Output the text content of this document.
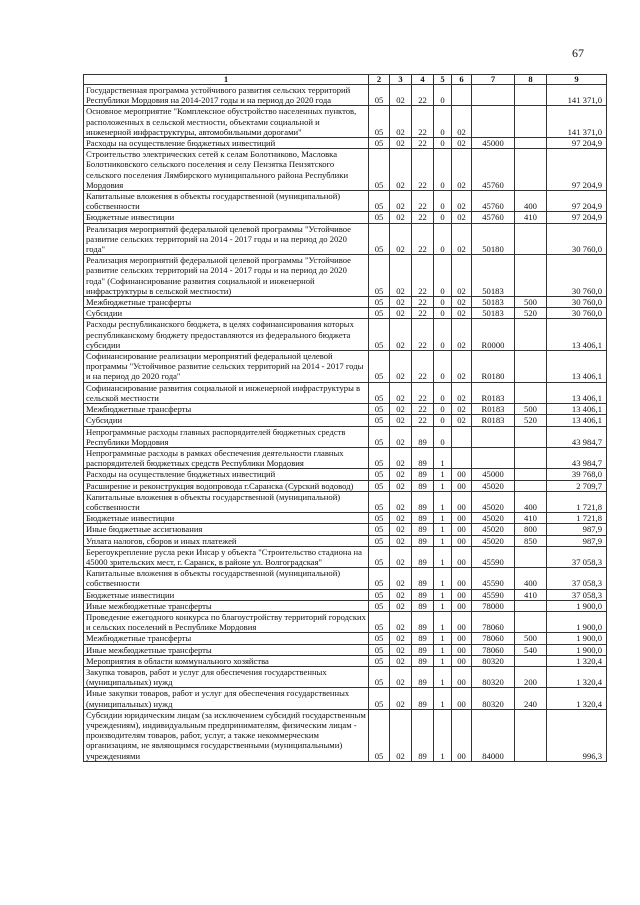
67
1	2	3	4	5	6	7	8	9
Государственная программа устойчивого развития сельских территорий Республики Мордовия на 2014-2017 годы и на период до 2020 года	05	02	22	0				141 371,0
Основное мероприятие "Комплексное обустройство населенных пунктов, расположенных в сельской местности, объектами социальной и инженерной инфраструктуры, автомобильными дорогами"	05	02	22	0	02			141 371,0
Расходы на осуществление бюджетных инвестиций	05	02	22	0	02	45000		97 204,9
Строительство электрических сетей к селам Болотниково, Масловка Болотниковского сельского поселения и селу Пензятка Пензятского сельского поселения Лямбирского муниципального района Республики Мордовия	05	02	22	0	02	45760		97 204,9
Капитальные вложения в объекты государственной (муниципальной) собственности	05	02	22	0	02	45760	400	97 204,9
Бюджетные инвестиции	05	02	22	0	02	45760	410	97 204,9
Реализация мероприятий федеральной целевой программы "Устойчивое развитие сельских территорий на 2014 - 2017 годы и на период до 2020 года"	05	02	22	0	02	50180		30 760,0
Реализация мероприятий федеральной целевой программы "Устойчивое развитие сельских территорий на 2014 - 2017 годы и на период до 2020 года" (Софинансирование развития социальной и инженерной инфраструктуры в сельской местности)	05	02	22	0	02	50183		30 760,0
Межбюджетные трансферты	05	02	22	0	02	50183	500	30 760,0
Субсидии	05	02	22	0	02	50183	520	30 760,0
Расходы республиканского бюджета, в целях софинансирования которых республиканскому бюджету предоставляются из федерального бюджета субсидии	05	02	22	0	02	R0000		13 406,1
Софинансирование реализации мероприятий федеральной целевой программы "Устойчивое развитие сельских территорий на 2014 - 2017 годы и на период до 2020 года"	05	02	22	0	02	R0180		13 406,1
Софинансирование развития социальной и инженерной инфраструктуры в сельской местности	05	02	22	0	02	R0183		13 406,1
Межбюджетные трансферты	05	02	22	0	02	R0183	500	13 406,1
Субсидии	05	02	22	0	02	R0183	520	13 406,1
Непрограммные расходы главных распорядителей бюджетных средств Республики Мордовия	05	02	89	0				43 984,7
Непрограммные расходы в рамках обеспечения деятельности главных распорядителей бюджетных средств Республики Мордовия	05	02	89	1				43 984,7
Расходы на осуществление бюджетных инвестиций	05	02	89	1	00	45000		39 768,0
Расширение и реконструкция водопровода г.Саранска (Сурский водовод)	05	02	89	1	00	45020		2 709,7
Капитальные вложения в объекты государственной (муниципальной) собственности	05	02	89	1	00	45020	400	1 721,8
Бюджетные инвестиции	05	02	89	1	00	45020	410	1 721,8
Иные бюджетные ассигнования	05	02	89	1	00	45020	800	987,9
Уплата налогов, сборов и иных платежей	05	02	89	1	00	45020	850	987,9
Берегоукрепление русла реки Инсар у объекта "Строительство стадиона на 45000 зрительских мест, г. Саранск, в районе ул. Волгоградская"	05	02	89	1	00	45590		37 058,3
Капитальные вложения в объекты государственной (муниципальной) собственности	05	02	89	1	00	45590	400	37 058,3
Бюджетные инвестиции	05	02	89	1	00	45590	410	37 058,3
Иные межбюджетные трансферты	05	02	89	1	00	78000		1 900,0
Проведение ежегодного конкурса по благоустройству территорий городских и сельских поселений в Республике Мордовия	05	02	89	1	00	78060		1 900,0
Межбюджетные трансферты	05	02	89	1	00	78060	500	1 900,0
Иные межбюджетные трансферты	05	02	89	1	00	78060	540	1 900,0
Мероприятия в области коммунального хозяйства	05	02	89	1	00	80320		1 320,4
Закупка товаров, работ и услуг для обеспечения государственных (муниципальных) нужд	05	02	89	1	00	80320	200	1 320,4
Иные закупки товаров, работ и услуг для обеспечения государственных (муниципальных) нужд	05	02	89	1	00	80320	240	1 320,4
Субсидии юридическим лицам (за исключением субсидий государственным учреждениям), индивидуальным предпринимателям, физическим лицам - производителям товаров, работ, услуг, а также некоммерческим организациям, не являющимся государственными (муниципальными) учреждениями	05	02	89	1	00	84000		996,3
